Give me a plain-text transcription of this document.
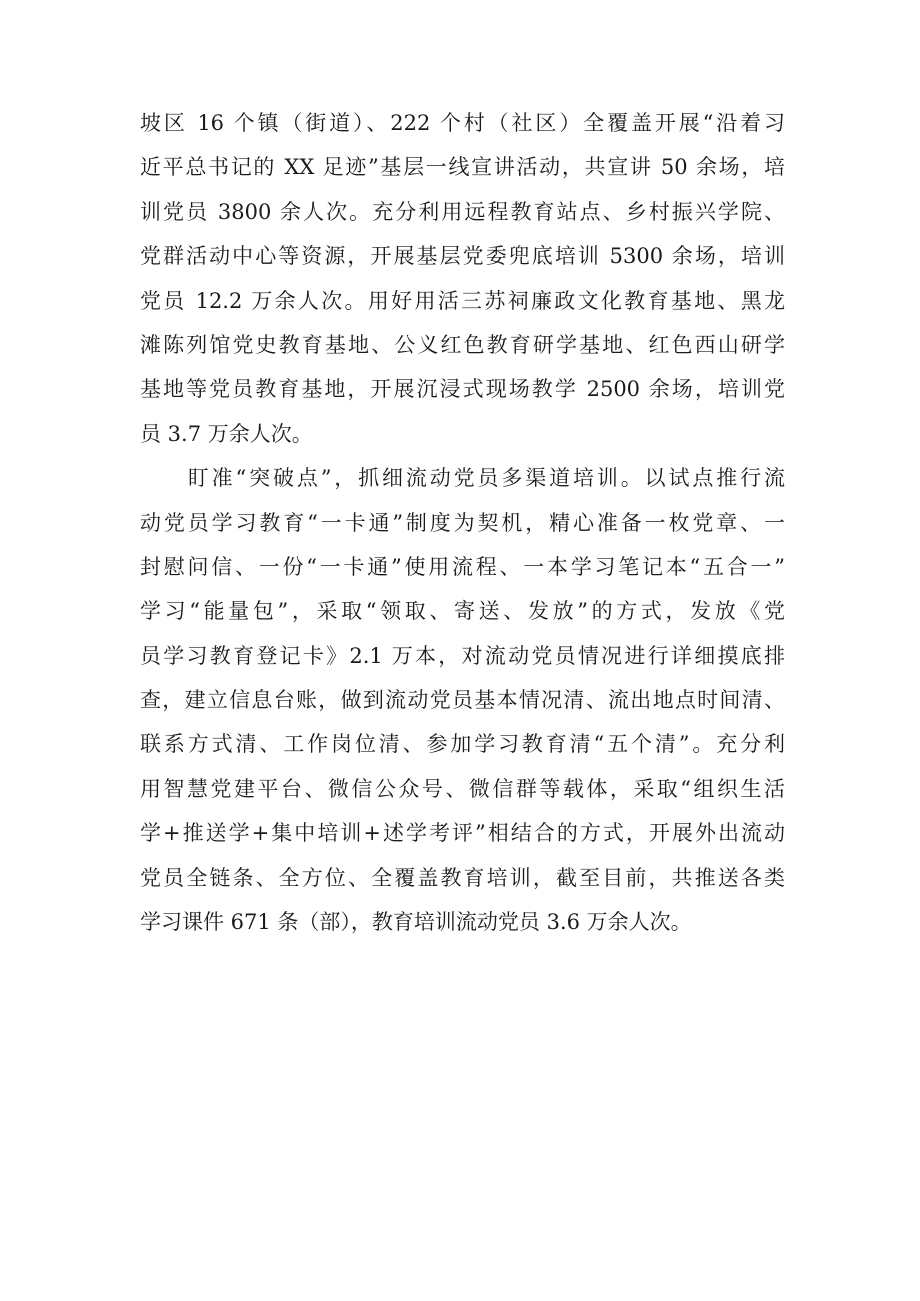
坡区 16 个镇（街道）、222 个村（社区）全覆盖开展“沿着习
近平总书记的 XX 足迹”基层一线宣讲活动，共宣讲 50 余场，培
训党员 3800 余人次。充分利用远程教育站点、乡村振兴学院、
党群活动中心等资源，开展基层党委兜底培训 5300 余场，培训
党员 12.2 万余人次。用好用活三苏祠廉政文化教育基地、黑龙
滩陈列馆党史教育基地、公义红色教育研学基地、红色西山研学
基地等党员教育基地，开展沉浸式现场教学 2500 余场，培训党
员 3.7 万余人次。
　　盯准“突破点”，抓细流动党员多渠道培训。以试点推行流
动党员学习教育“一卡通”制度为契机，精心准备一枚党章、一
封慰问信、一份“一卡通”使用流程、一本学习笔记本“五合一”
学习“能量包”，采取“领取、寄送、发放”的方式，发放《党
员学习教育登记卡》2.1 万本，对流动党员情况进行详细摸底排
查，建立信息台账，做到流动党员基本情况清、流出地点时间清、
联系方式清、工作岗位清、参加学习教育清“五个清”。充分利
用智慧党建平台、微信公众号、微信群等载体，采取“组织生活
学+推送学+集中培训+述学考评”相结合的方式，开展外出流动
党员全链条、全方位、全覆盖教育培训，截至目前，共推送各类
学习课件 671 条（部），教育培训流动党员 3.6 万余人次。
